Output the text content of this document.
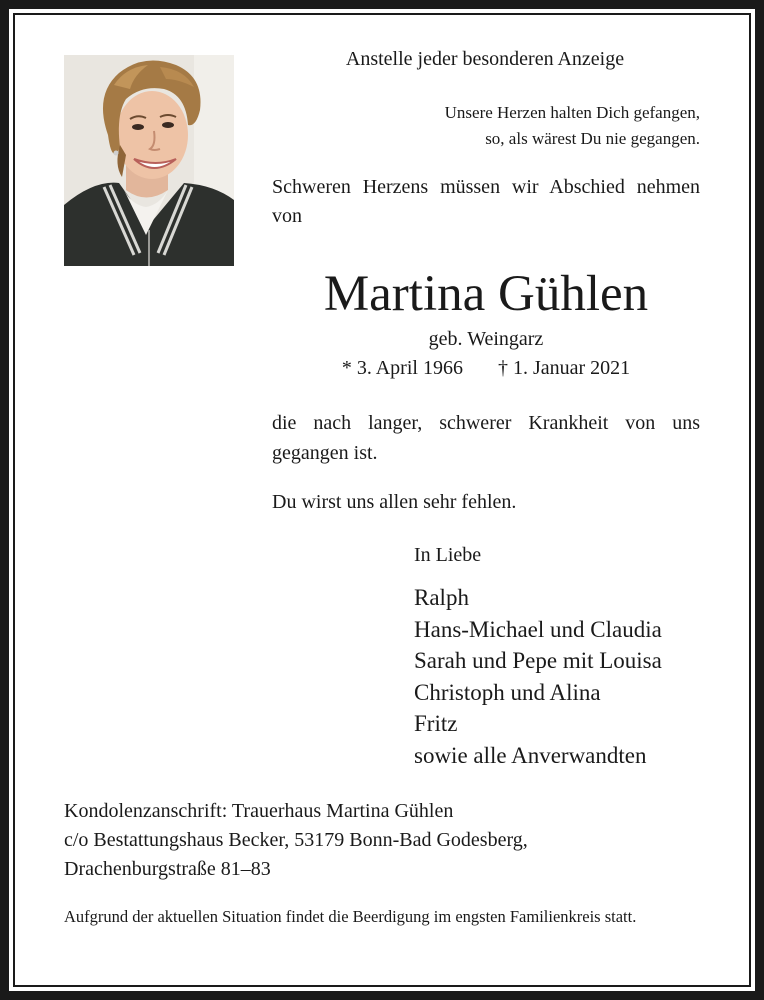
Anstelle jeder besonderen Anzeige
Unsere Herzen halten Dich gefangen,
so, als wärest Du nie gegangen.
Schweren Herzens müssen wir Abschied nehmen von
Martina Gühlen
geb. Weingarz
* 3. April 1966 † 1. Januar 2021
die nach langer, schwerer Krankheit von uns gegangen ist.
Du wirst uns allen sehr fehlen.
In Liebe
Ralph
Hans-Michael und Claudia
Sarah und Pepe mit Louisa
Christoph und Alina
Fritz
sowie alle Anverwandten
Kondolenzanschrift: Trauerhaus Martina Gühlen
c/o Bestattungshaus Becker, 53179 Bonn-Bad Godesberg,
Drachenburgstraße 81–83
Aufgrund der aktuellen Situation findet die Beerdigung im engsten Familienkreis statt.
